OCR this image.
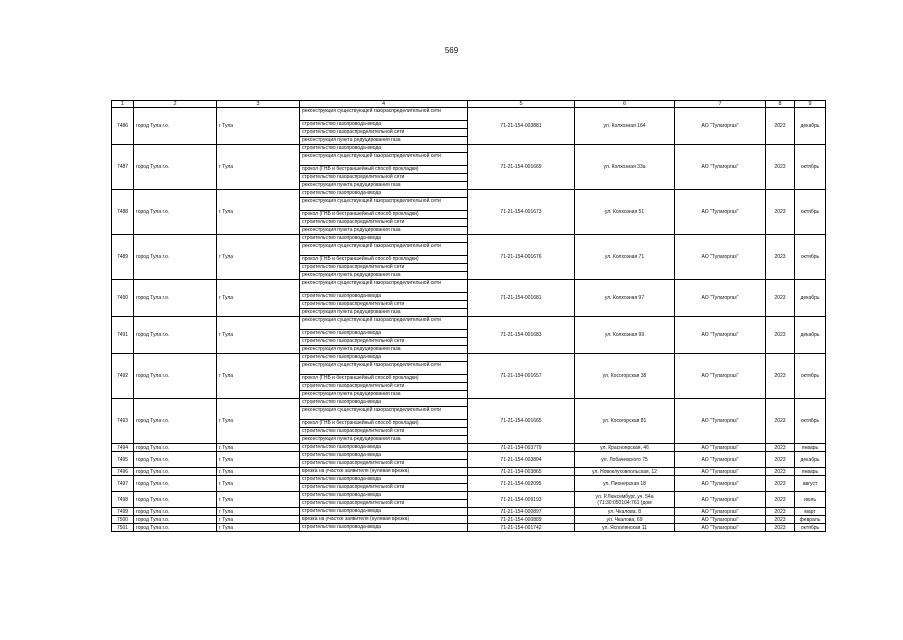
569
1	2	3	4	5	6	7	8	9
7486	город Тула г.о.	г Тула	реконструкция существующей газораспределительной сети
строительство газопровода-ввода
строительство газораспределительной сети
реконструкция пункта редуцирования газа	71-21-154-003881	ул. Колхозная 164	АО "Тулагоргаз"	2023	декабрь
7487	город Тула г.о.	г Тула	строительство газопровода-ввода
реконструкция существующей газораспределительной сети
прокол (ГНБ и бестраншейный способ прокладки)
строительство газораспределительной сети
реконструкция пункта редуцирования газа	71-21-154-001669	ул. Колхозная 33а	АО "Тулагоргаз"	2023	октябрь
7488	город Тула г.о.	г Тула	строительство газопровода-ввода
реконструкция существующей газораспределительной сети
прокол (ГНБ и бестраншейный способ прокладки)
строительство газораспределительной сети
реконструкция пункта редуцирования газа	71-21-154-001673	ул. Колхозная 51	АО "Тулагоргаз"	2023	октябрь
7489	город Тула г.о.	г Тула	строительство газопровода-ввода
реконструкция существующей газораспределительной сети
прокол (ГНБ и бестраншейный способ прокладки)
строительство газораспределительной сети
реконструкция пункта редуцирования газа	71-21-154-001676	ул. Колхозная 71	АО "Тулагоргаз"	2023	октябрь
7490	город Тула г.о.	г Тула	реконструкция существующей газораспределительной сети
строительство газопровода-ввода
строительство газораспределительной сети
реконструкция пункта редуцирования газа	71-21-154-001681	ул. Колхозная 97	АО "Тулагоргаз"	2023	декабрь
7491	город Тула г.о.	г Тула	реконструкция существующей газораспределительной сети
строительство газопровода-ввода
строительство газораспределительной сети
реконструкция пункта редуцирования газа	71-21-154-001683	ул. Колхозная 99	АО "Тулагоргаз"	2023	декабрь
7492	город Тула г.о.	г Тула	строительство газопровода-ввода
реконструкция существующей газораспределительной сети
прокол (ГНБ и бестраншейный способ прокладки)
строительство газораспределительной сети
реконструкция пункта редуцирования газа	71-21-154-001657	ул. Косогорская 38	АО "Тулагоргаз"	2023	октябрь
7493	город Тула г.о.	г Тула	строительство газопровода-ввода
реконструкция существующей газораспределительной сети
прокол (ГНБ и бестраншейный способ прокладки)
строительство газораспределительной сети
реконструкция пункта редуцирования газа	71-21-154-001665	ул. Косогорская 81	АО "Тулагоргаз"	2023	октябрь
7494	город Тула г.о.	г Тула	строительство газопровода-ввода	71-21-154-003779	ул. Красноярская, 46	АО "Тулагоргаз"	2023	январь
7495	город Тула г.о.	г Тула	строительство газопровода-ввода
строительство газораспределительной сети	71-21-154-003804	ул. Лобачевского 75	АО "Тулагоргаз"	2023	декабрь
7496	город Тула г.о.	г Тула	врезка на участке заявителя (нулевая врезка)	71-21-154-003865	ул. Новоклуховпольская, 12	АО "Тулагоргаз"	2023	январь
7497	город Тула г.о.	г Тула	строительство газопровода-ввода
строительство газораспределительной сети	71-21-154-002095	ул. Пионерская 18	АО "Тулагоргаз"	2023	август
7498	город Тула г.о.	г Тула	строительство газопровода-ввода
строительство газораспределительной сети	71-21-154-009193	ул. Р.Люксембург, уч. 54а (71:30:050104:761 (дом	АО "Тулагоргаз"	2023	июль
7499	город Тула г.о.	г Тула	строительство газопровода-ввода	71-21-154-000897	ул. Чкалова, 8	АО "Тулагоргаз"	2023	март
7500	город Тула г.о.	г Тула	врезка на участке заявителя (нулевая врезка)	71-21-154-000889	ул. Чкалова, 69	АО "Тулагоргаз"	2023	февраль
7501	город Тула г.о.	г Тула	строительство газопровода-ввода	71-21-154-001742	ул. Ясполянская 11	АО "Тулагоргаз"	2023	октябрь
